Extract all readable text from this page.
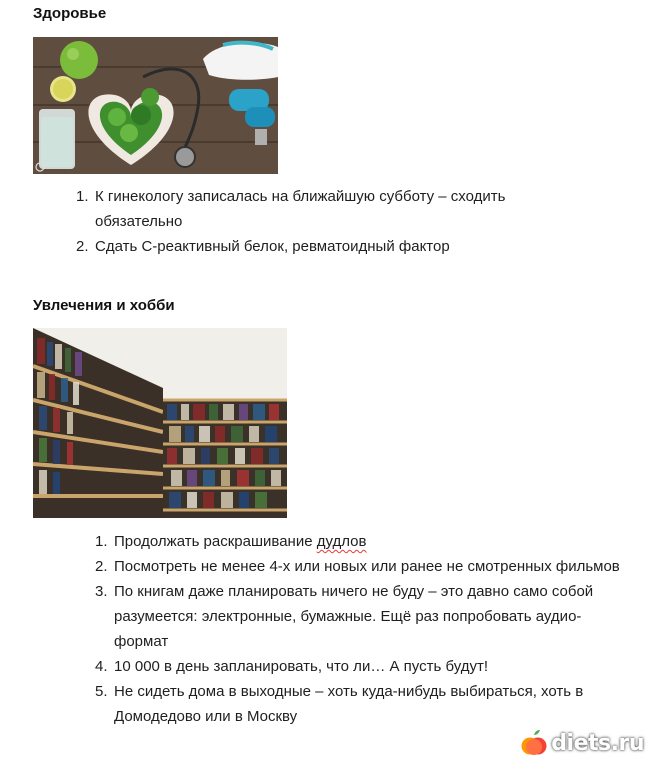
Здоровье
К гинекологу записалась на ближайшую субботу – сходить обязательно
Сдать С-реактивный белок, ревматоидный фактор
Увлечения и хобби
Продолжать раскрашивание дудлов
Посмотреть не менее 4-х или новых или ранее не смотренных фильмов
По книгам даже планировать ничего не буду – это давно само собой разумеется: электронные, бумажные. Ещё раз попробовать аудио-формат
10 000 в день запланировать, что ли… А пусть будут!
Не сидеть дома в выходные – хоть куда-нибудь выбираться, хоть в Домодедово или в Москву
diets.ru
